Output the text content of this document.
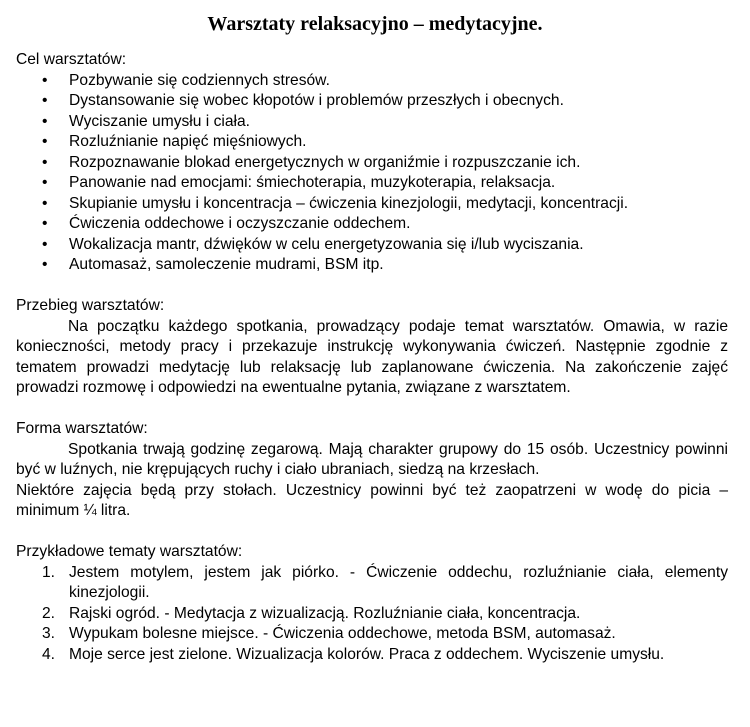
Warsztaty relaksacyjno – medytacyjne.
Cel warsztatów:
• Pozbywanie się codziennych stresów.
• Dystansowanie się wobec kłopotów i problemów przeszłych i obecnych.
• Wyciszanie umysłu i ciała.
• Rozluźnianie napięć mięśniowych.
• Rozpoznawanie blokad energetycznych w organiźmie i rozpuszczanie ich.
• Panowanie nad emocjami: śmiechoterapia, muzykoterapia, relaksacja.
• Skupianie umysłu i koncentracja – ćwiczenia kinezjologii, medytacji, koncentracji.
• Ćwiczenia oddechowe i oczyszczanie oddechem.
• Wokalizacja mantr, dźwięków w celu energetyzowania się i/lub wyciszania.
• Automasaż, samoleczenie mudrami, BSM itp.
Przebieg warsztatów:

Na początku każdego spotkania, prowadzący podaje temat warsztatów. Omawia, w razie konieczności, metody pracy i przekazuje instrukcję wykonywania ćwiczeń. Następnie zgodnie z tematem prowadzi medytację lub relaksację lub zaplanowane ćwiczenia. Na zakończenie zajęć prowadzi rozmowę i odpowiedzi na ewentualne pytania, związane z warsztatem.

Forma warsztatów:

Spotkania trwają godzinę zegarową. Mają charakter grupowy do 15 osób. Uczestnicy powinni być w luźnych, nie krępujących ruchy i ciało ubraniach, siedzą na krzesłach.

Niektóre zajęcia będą przy stołach. Uczestnicy powinni być też zaopatrzeni w wodę do picia – minimum ¼ litra.

Przykładowe tematy warsztatów:
1. Jestem motylem, jestem jak piórko. - Ćwiczenie oddechu, rozluźnianie ciała, elementy kinezjologii.
2. Rajski ogród. - Medytacja z wizualizacją. Rozluźnianie ciała, koncentracja.
3. Wypukam bolesne miejsce. - Ćwiczenia oddechowe, metoda BSM, automasaż.
4. Moje serce jest zielone. Wizualizacja kolorów. Praca z oddechem. Wyciszenie umysłu.
